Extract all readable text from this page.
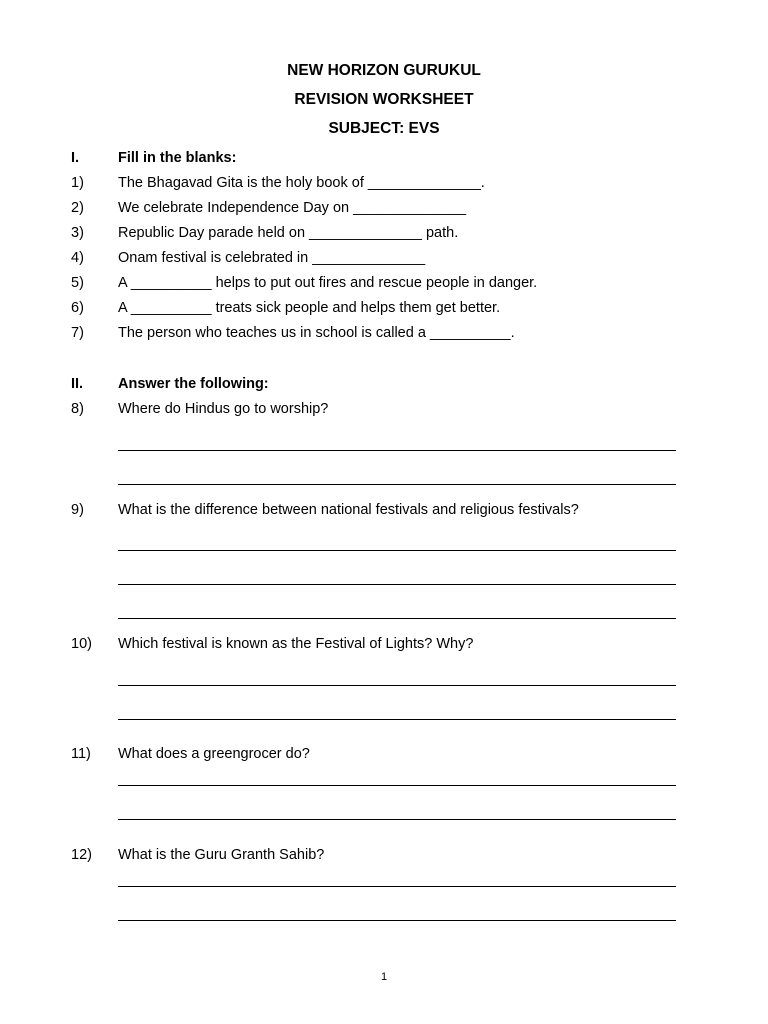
NEW HORIZON GURUKUL
REVISION WORKSHEET
SUBJECT: EVS
I.	Fill in the blanks:
1) The Bhagavad Gita is the holy book of ______________.
2) We celebrate Independence Day on ______________
3) Republic Day parade held on ______________ path.
4) Onam festival is celebrated in ______________
5) A __________ helps to put out fires and rescue people in danger.
6) A __________ treats sick people and helps them get better.
7) The person who teaches us in school is called a __________.
II. Answer the following:
8) Where do Hindus go to worship?
9) What is the difference between national festivals and religious festivals?
10) Which festival is known as the Festival of Lights? Why?
11) What does a greengrocer do?
12) What is the Guru Granth Sahib?
1
